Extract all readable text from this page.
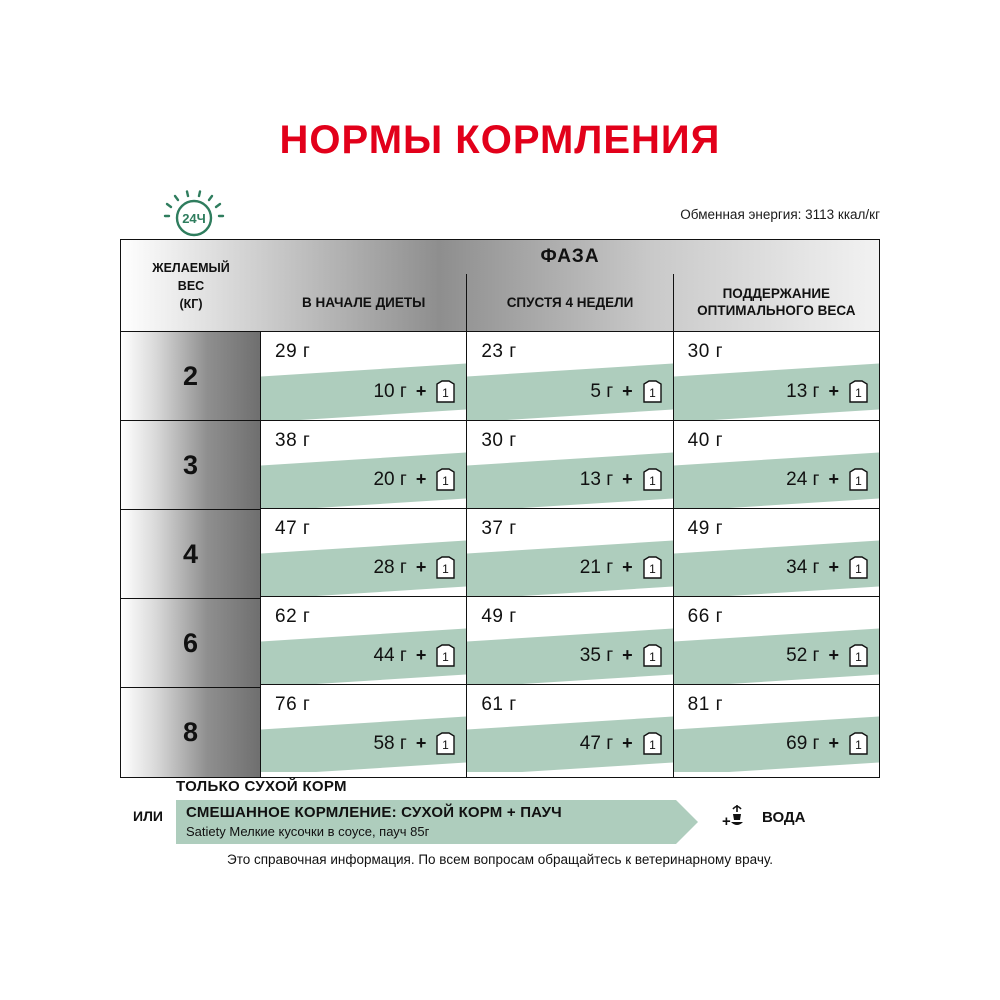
НОРМЫ КОРМЛЕНИЯ
24Ч	Обменная энергия: 3113 ккал/кг
ЖЕЛАЕМЫЙ
ВЕС
(КГ)
ФАЗА
В НАЧАЛЕ ДИЕТЫ	СПУСТЯ 4 НЕДЕЛИ
ПОДДЕРЖАНИЕ ОПТИМАЛЬНОГО ВЕСА
2
3
4
6
8
29 г
10 г + 1
38 г
20 г + 1
47 г
28 г + 1
62 г
44 г + 1
76 г
58 г + 1
23 г
5 г + 1
30 г
13 г + 1
37 г
21 г + 1
49 г
35 г + 1
61 г
47 г + 1
30 г
13 г + 1
40 г
24 г + 1
49 г
34 г + 1
66 г
52 г + 1
81 г
69 г + 1
ИЛИ
ТОЛЬКО СУХОЙ КОРМ
СМЕШАННОЕ КОРМЛЕНИЕ: СУХОЙ КОРМ + ПАУЧ
Satiety Мелкие кусочки в соусе, пауч 85г
+ ВОДА
Это справочная информация. По всем вопросам обращайтесь к ветеринарному врачу.
